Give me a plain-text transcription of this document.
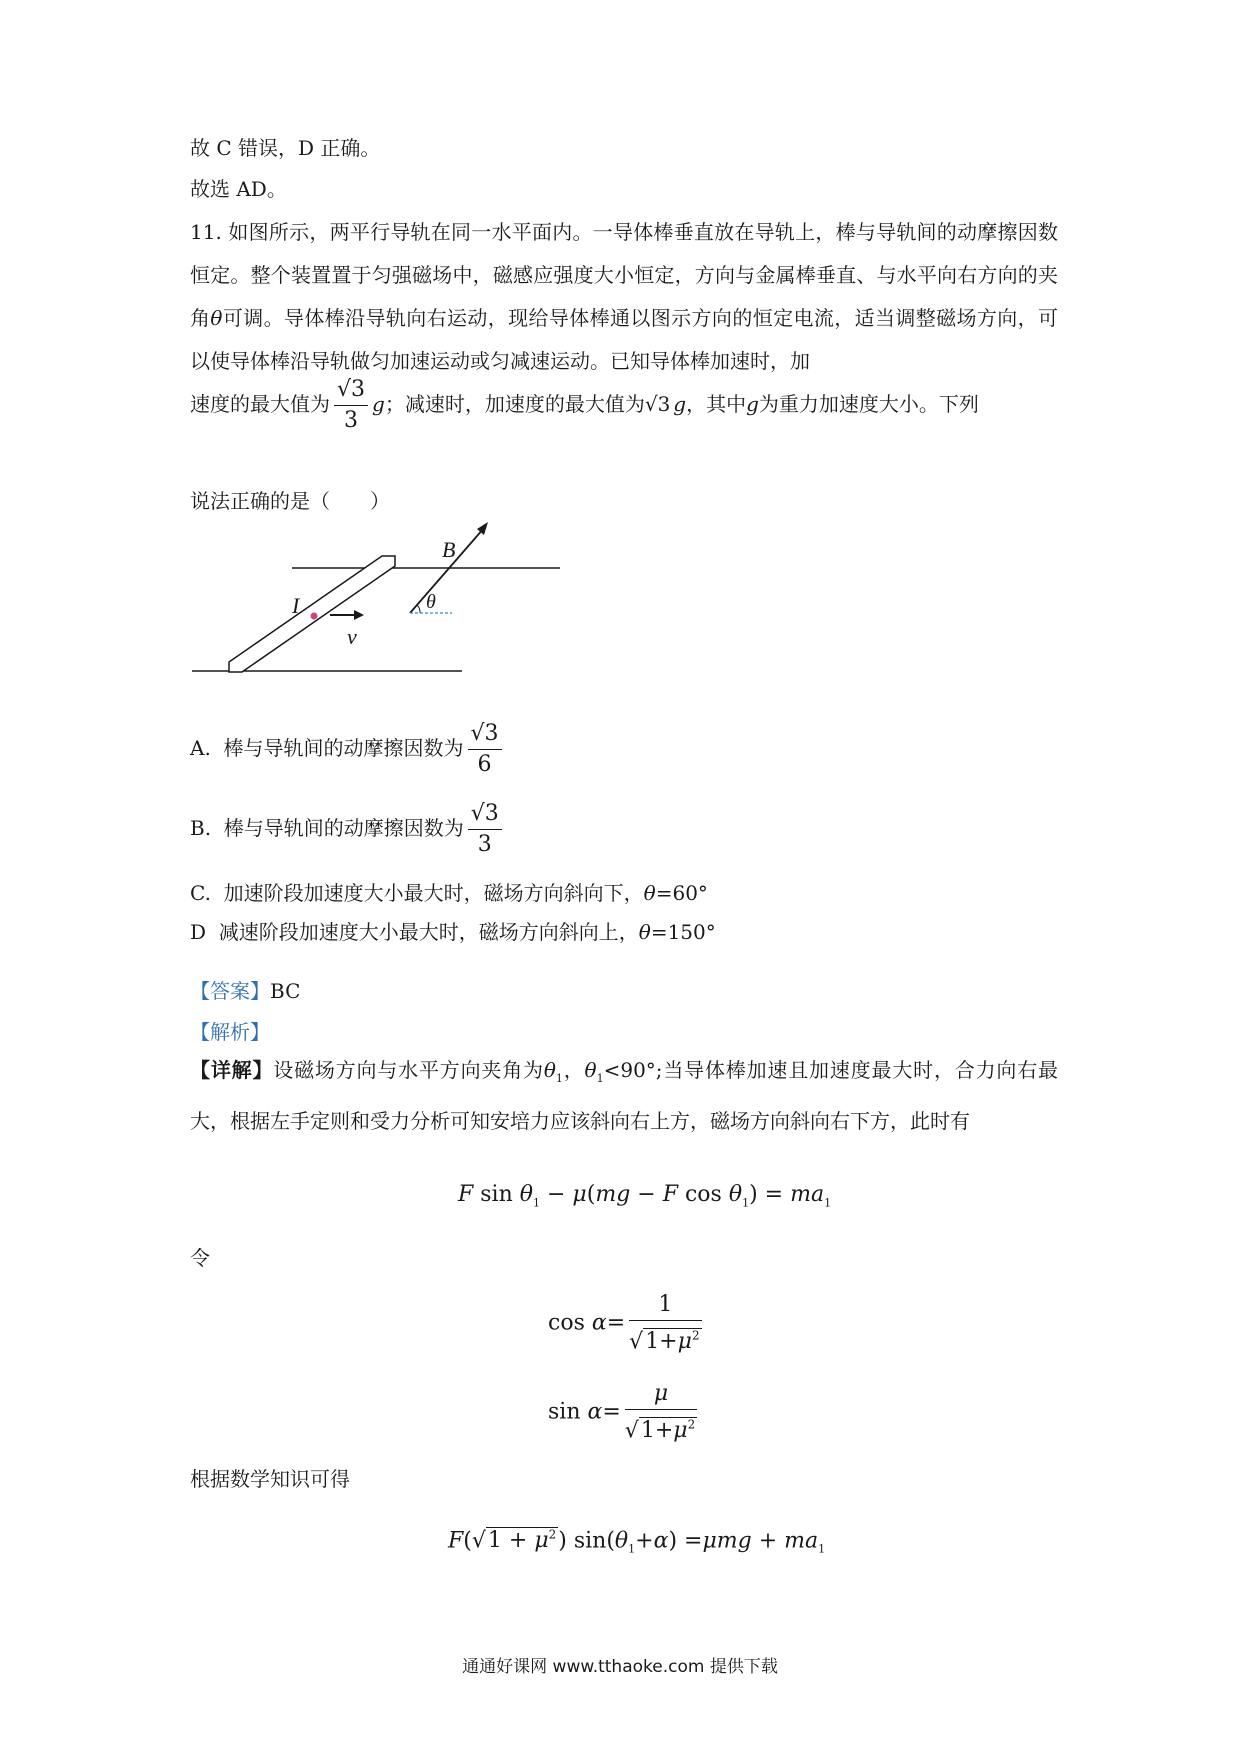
故 C 错误，D 正确。
故选 AD。
11. 如图所示，两平行导轨在同一水平面内。一导体棒垂直放在导轨上，棒与导轨间的动摩擦因数恒定。整个装置置于匀强磁场中，磁感应强度大小恒定，方向与金属棒垂直、与水平向右方向的夹角θ可调。导体棒沿导轨向右运动，现给导体棒通以图示方向的恒定电流，适当调整磁场方向，可以使导体棒沿导轨做匀加速运动或匀减速运动。已知导体棒加速时，加
速度的最大值为 $\frac{√3}{3}$ g；减速时，加速度的最大值为√3 g，其中g为重力加速度大小。下列
说法正确的是（　　）
B
I
v
θ
A. 棒与导轨间的动摩擦因数为 $\frac{√3}{6}$
B. 棒与导轨间的动摩擦因数为 $\frac{√3}{3}$
C. 加速阶段加速度大小最大时，磁场方向斜向下，θ=60°
D 减速阶段加速度大小最大时，磁场方向斜向上，θ=150°
【答案】BC
【解析】
【详解】设磁场方向与水平方向夹角为$\theta_1$，$\theta_1<90^\circ$;当导体棒加速且加速度最大时，合力向右最大，根据左手定则和受力分析可知安培力应该斜向右上方，磁场方向斜向右下方，此时有
F $\sin \theta_1 - \mu(mg - F$ $\cos \theta_1) = ma_1$
令
$\cos \alpha= \frac{1}{√1+\mu^2}$
$\sin \alpha= \frac{\mu}{√1+\mu^2}$
根据数学知识可得
$F(√1 + \mu^2)$ $\sin(\theta_1+\alpha) =\mu mg + ma_1$
通通好课网 www.tthaoke.com 提供下载
